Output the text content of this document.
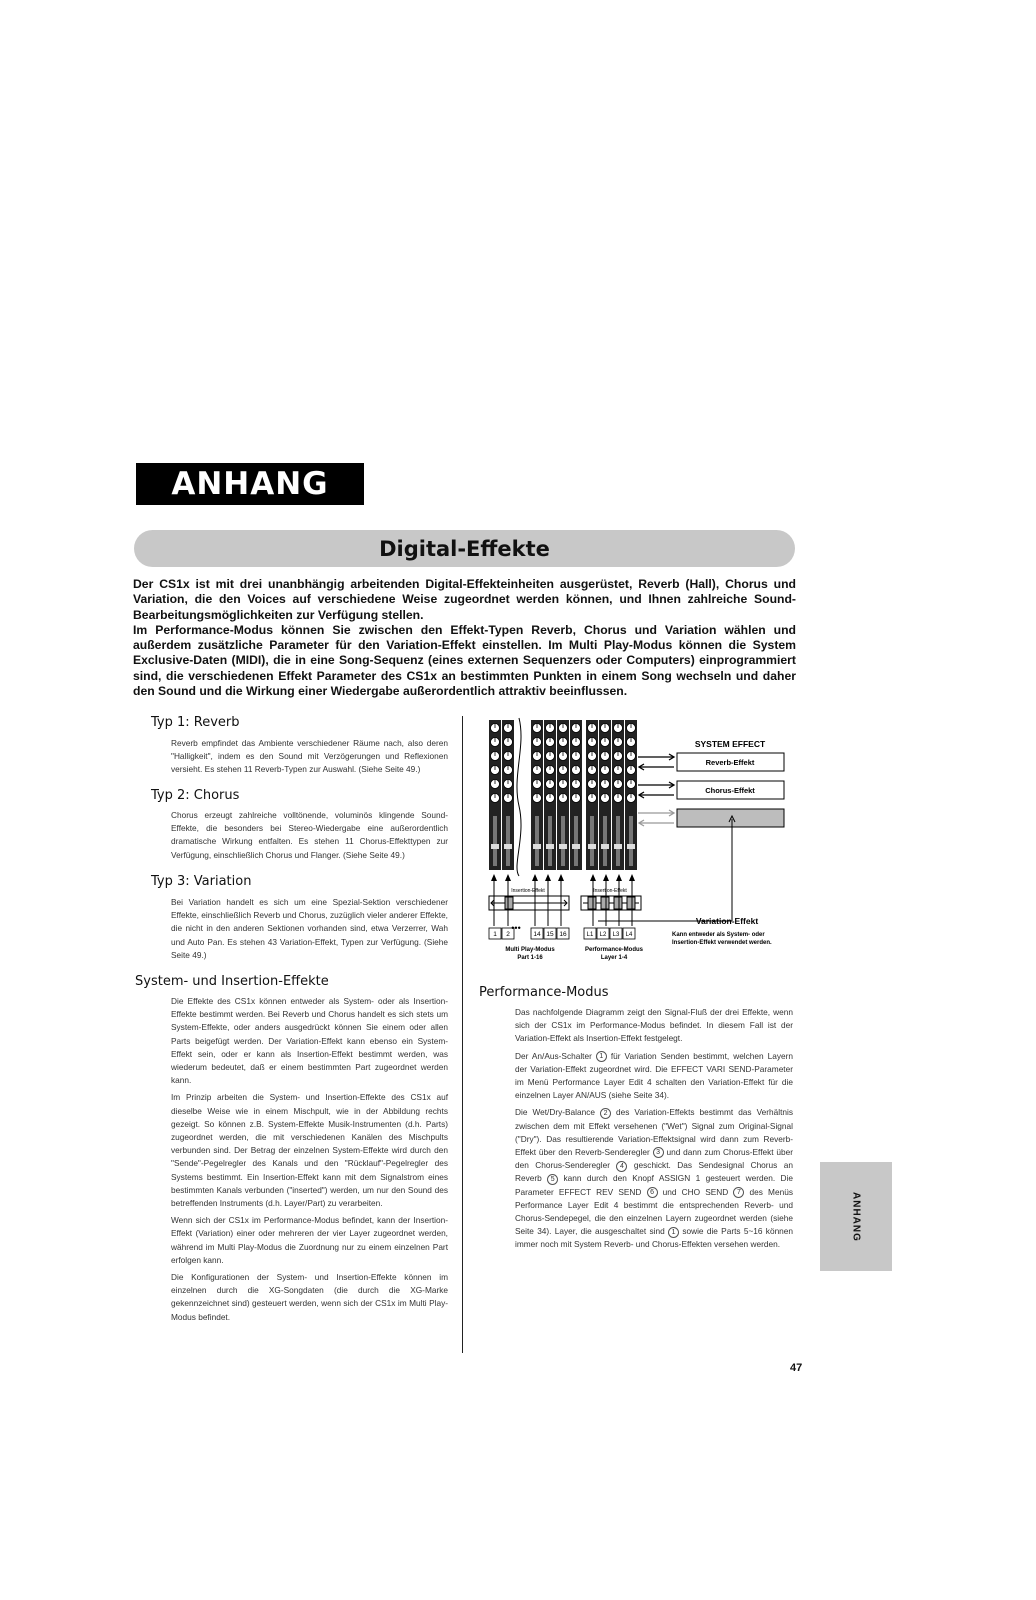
ANHANG
Digital-Effekte

Der CS1x ist mit drei unanbhängig arbeitenden Digital-Effekteinheiten ausgerüstet, Reverb (Hall), Chorus und Variation, die den Voices auf verschiedene Weise zugeordnet werden können, und Ihnen zahlreiche Sound-Bearbeitungsmöglichkeiten zur Verfügung stellen.

Im Performance-Modus können Sie zwischen den Effekt-Typen Reverb, Chorus und Variation wählen und außerdem zusätzliche Parameter für den Variation-Effekt einstellen. Im Multi Play-Modus können die System Exclusive-Daten (MIDI), die in eine Song-Sequenz (eines externen Sequenzers oder Computers) einprogrammiert sind, die verschiedenen Effekt Parameter des CS1x an bestimmten Punkten in einem Song wechseln und daher den Sound und die Wirkung einer Wiedergabe außerordentlich attraktiv beeinflussen.

Typ 1: Reverb
Reverb empfindet das Ambiente verschiedener Räume nach, also deren "Halligkeit", indem es den Sound mit Verzögerungen und Reflexionen versieht. Es stehen 11 Reverb-Typen zur Auswahl. (Siehe Seite 49.)
Typ 2: Chorus
Chorus erzeugt zahlreiche volltönende, voluminös klingende Sound-Effekte, die besonders bei Stereo-Wiedergabe eine außerordentlich dramatische Wirkung entfalten. Es stehen 11 Chorus-Effekttypen zur Verfügung, einschließlich Chorus und Flanger. (Siehe Seite 49.)
Typ 3: Variation
Bei Variation handelt es sich um eine Spezial-Sektion verschiedener Effekte, einschließlich Reverb und Chorus, zuzüglich vieler anderer Effekte, die nicht in den anderen Sektionen vorhanden sind, etwa Verzerrer, Wah und Auto Pan. Es stehen 43 Variation-Effekt, Typen zur Verfügung. (Siehe Seite 49.)
System- und Insertion-Effekte

Die Effekte des CS1x können entweder als System- oder als Insertion-Effekte bestimmt werden. Bei Reverb und Chorus handelt es sich stets um System-Effekte, oder anders ausgedrückt können Sie einem oder allen Parts beigefügt werden. Der Variation-Effekt kann ebenso ein System-Effekt sein, oder er kann als Insertion-Effekt bestimmt werden, was wiederum bedeutet, daß er einem bestimmten Part zugeordnet werden kann.

Im Prinzip arbeiten die System- und Insertion-Effekte des CS1x auf dieselbe Weise wie in einem Mischpult, wie in der Abbildung rechts gezeigt. So können z.B. System-Effekte Musik-Instrumenten (d.h. Parts) zugeordnet werden, die mit verschiedenen Kanälen des Mischpults verbunden sind. Der Betrag der einzelnen System-Effekte wird durch den "Sende"-Pegelregler des Kanals und den "Rücklauf"-Pegelregler des Systems bestimmt. Ein Insertion-Effekt kann mit dem Signalstrom eines bestimmten Kanals verbunden ("inserted") werden, um nur den Sound des betreffenden Instruments (d.h. Layer/Part) zu verarbeiten.

Wenn sich der CS1x im Performance-Modus befindet, kann der Insertion-Effekt (Variation) einer oder mehreren der vier Layer zugeordnet werden, während im Multi Play-Modus die Zuordnung nur zu einem einzelnen Part erfolgen kann.

Die Konfigurationen der System- und Insertion-Effekte können im einzelnen durch die XG-Songdaten (die durch die XG-Marke gekennzeichnet sind) gesteuert werden, wenn sich der CS1x im Multi Play-Modus befindet.

SYSTEM EFFECT
Reverb-Effekt
Chorus-Effekt
Variation-Effekt
Kann entweder als System- oder
Insertion-Effekt verwendet werden.
Insertion-Effekt	Insertion-Effekt
1 2	14 15 16	L1 L2 L3 L4
•••
Multi Play-Modus
Part 1-16
Performance-Modus
Layer 1-4
Performance-Modus

Das nachfolgende Diagramm zeigt den Signal-Fluß der drei Effekte, wenn sich der CS1x im Performance-Modus befindet. In diesem Fall ist der Variation-Effekt als Insertion-Effekt festgelegt.

Der An/Aus-Schalter 1 für Variation Senden bestimmt, welchen Layern der Variation-Effekt zugeordnet wird. Die EFFECT VARI SEND-Parameter im Menü Performance Layer Edit 4 schalten den Variation-Effekt für die einzelnen Layer AN/AUS (siehe Seite 34).

Die Wet/Dry-Balance 2 des Variation-Effekts bestimmt das Verhältnis zwischen dem mit Effekt versehenen ("Wet") Signal zum Original-Signal ("Dry"). Das resultierende Variation-Effektsignal wird dann zum Reverb-Effekt über den Reverb-Senderegler 3 und dann zum Chorus-Effekt über den Chorus-Senderegler 4 geschickt. Das Sendesignal Chorus an Reverb 5 kann durch den Knopf ASSIGN 1 gesteuert werden. Die Parameter EFFECT REV SEND 6 und CHO SEND 7 des Menüs Performance Layer Edit 4 bestimmt die entsprechenden Reverb- und Chorus-Sendepegel, die den einzelnen Layern zugeordnet werden (siehe Seite 34). Layer, die ausgeschaltet sind 1 sowie die Parts 5~16 können immer noch mit System Reverb- und Chorus-Effekten versehen werden.

ANHANG
47
